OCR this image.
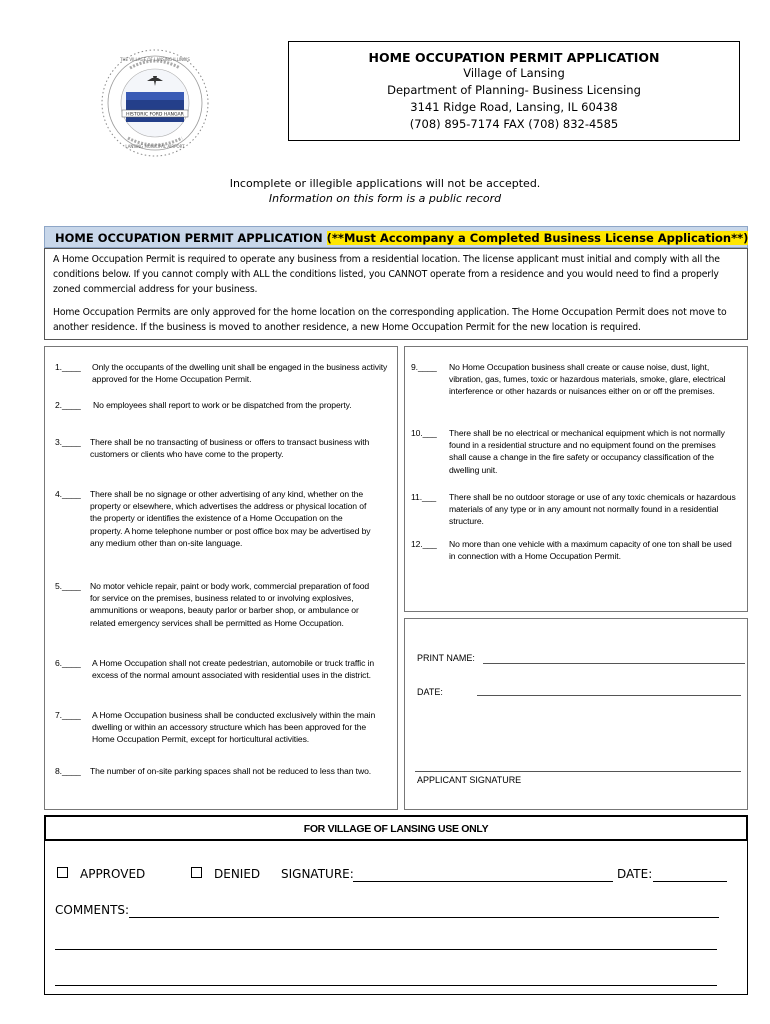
HISTORIC FORD HANGAR
THE VILLAGE OF LANSING ILLINOIS
LANSING MUNICIPAL AIRPORT
HOME OCCUPATION PERMIT APPLICATION
Village of Lansing
Department of Planning- Business Licensing
3141 Ridge Road, Lansing, IL 60438
(708) 895-7174 FAX (708) 832-4585
Incomplete or illegible applications will not be accepted.
Information on this form is a public record
HOME OCCUPATION PERMIT APPLICATION (**Must Accompany a Completed Business License Application**)

A Home Occupation Permit is required to operate any business from a residential location. The license applicant must initial and comply with all the conditions below. If you cannot comply with ALL the conditions listed, you CANNOT operate from a residence and you would need to find a properly zoned commercial address for your business.

Home Occupation Permits are only approved for the home location on the corresponding application. The Home Occupation Permit does not move to another residence. If the business is moved to another residence, a new Home Occupation Permit for the new location is required.

1.____	Only the occupants of the dwelling unit shall be engaged in the business activity approved for the Home Occupation Permit.
2.____	No employees shall report to work or be dispatched from the property.
3.____	There shall be no transacting of business or offers to transact business with customers or clients who have come to the property.
4.____	There shall be no signage or other advertising of any kind, whether on the property or elsewhere, which advertises the address or physical location of the property or identifies the existence of a Home Occupation on the property. A home telephone number or post office box may be advertised by any medium other than on-site language.
5.____	No motor vehicle repair, paint or body work, commercial preparation of food for service on the premises, business related to or involving explosives, ammunitions or weapons, beauty parlor or barber shop, or ambulance or related emergency services shall be permitted as Home Occupation.
6.____	A Home Occupation shall not create pedestrian, automobile or truck traffic in excess of the normal amount associated with residential uses in the district.
7.____	A Home Occupation business shall be conducted exclusively within the main dwelling or within an accessory structure which has been approved for the Home Occupation Permit, except for horticultural activities.
8.____	The number of on-site parking spaces shall not be reduced to less than two.
9.____	No Home Occupation business shall create or cause noise, dust, light, vibration, gas, fumes, toxic or hazardous materials, smoke, glare, electrical interference or other hazards or nuisances either on or off the premises.
10.___	There shall be no electrical or mechanical equipment which is not normally found in a residential structure and no equipment found on the premises shall cause a change in the fire safety or occupancy classification of the dwelling unit.
11.___	There shall be no outdoor storage or use of any toxic chemicals or hazardous materials of any type or in any amount not normally found in a residential structure.
12.___	No more than one vehicle with a maximum capacity of one ton shall be used in connection with a Home Occupation Permit.
PRINT NAME:
DATE:
APPLICANT SIGNATURE
FOR VILLAGE OF LANSING USE ONLY
APPROVED	DENIED SIGNATURE:	DATE:
COMMENTS:
